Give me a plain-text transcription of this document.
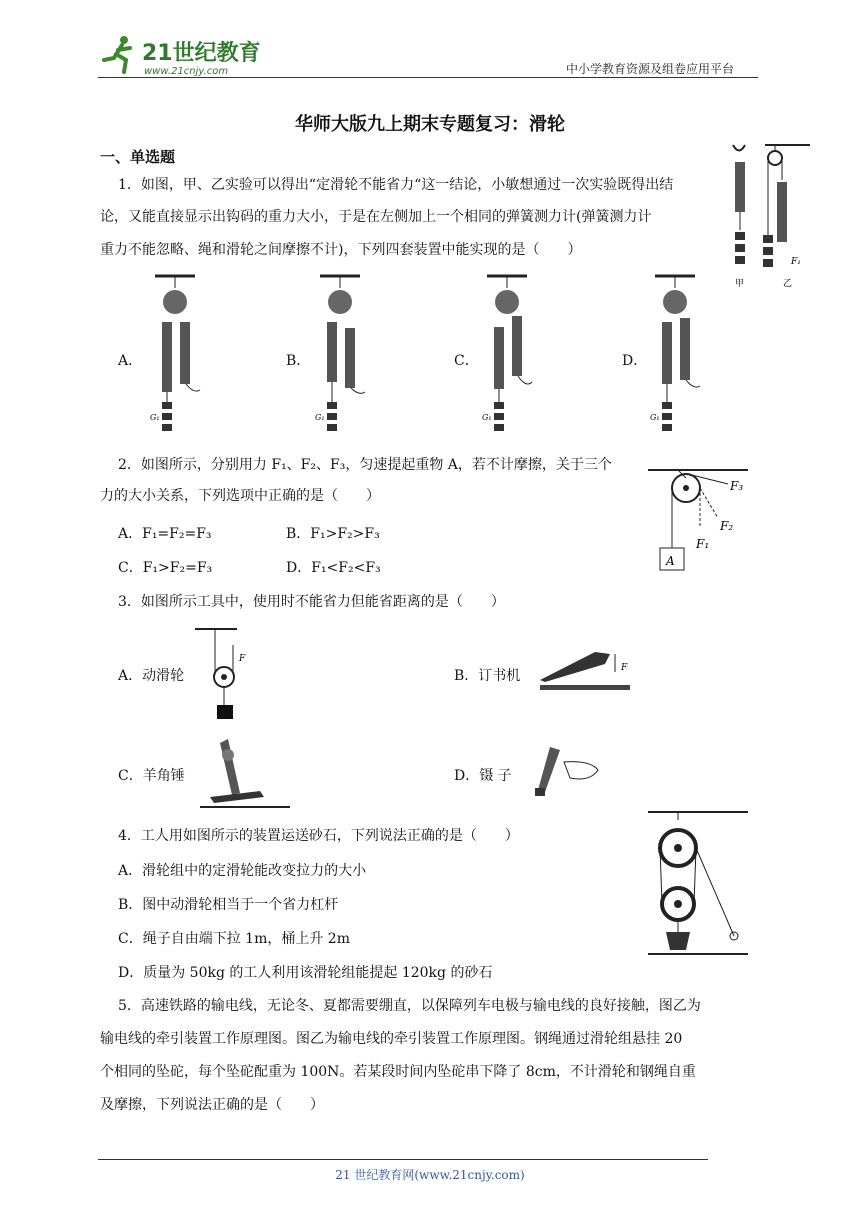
21世纪教育
www.21cnjy.com	中小学教育资源及组卷应用平台
华师大版九上期末专题复习：滑轮
一、单选题
1．如图，甲、乙实验可以得出“定滑轮不能省力“这一结论，小敏想通过一次实验既得出结
论，又能直接显示出钩码的重力大小，于是在左侧加上一个相同的弹簧测力计(弹簧测力计
重力不能忽略、绳和滑轮之间摩擦不计)，下列四套装置中能实现的是（　　）
甲
F₁
乙
A．	B．	C．	D．
G₁	G₁	G₁	G₁
2．如图所示，分别用力 F₁、F₂、F₃，匀速提起重物 A，若不计摩擦，关于三个
力的大小关系，下列选项中正确的是（　　）
A．F₁=F₂=F₃	B．F₁>F₂>F₃
C．F₁>F₂=F₃	D．F₁<F₂<F₃	A
F₃
F₂
F₁
3．如图所示工具中，使用时不能省力但能省距离的是（　　）
A．动滑轮	B．订书机
C．羊角锤	D．镊 子
F
F
4．工人用如图所示的装置运送砂石，下列说法正确的是（　　）
A．滑轮组中的定滑轮能改变拉力的大小
B．图中动滑轮相当于一个省力杠杆
C．绳子自由端下拉 1m，桶上升 2m
D．质量为 50kg 的工人利用该滑轮组能提起 120kg 的砂石
5．高速铁路的输电线，无论冬、夏都需要绷直，以保障列车电极与输电线的良好接触，图乙为
输电线的牵引装置工作原理图。图乙为输电线的牵引装置工作原理图。钢绳通过滑轮组悬挂 20
个相同的坠砣，每个坠砣配重为 100N。若某段时间内坠砣串下降了 8cm，不计滑轮和钢绳自重
及摩擦，下列说法正确的是（　　）
21 世纪教育网(www.21cnjy.com)
